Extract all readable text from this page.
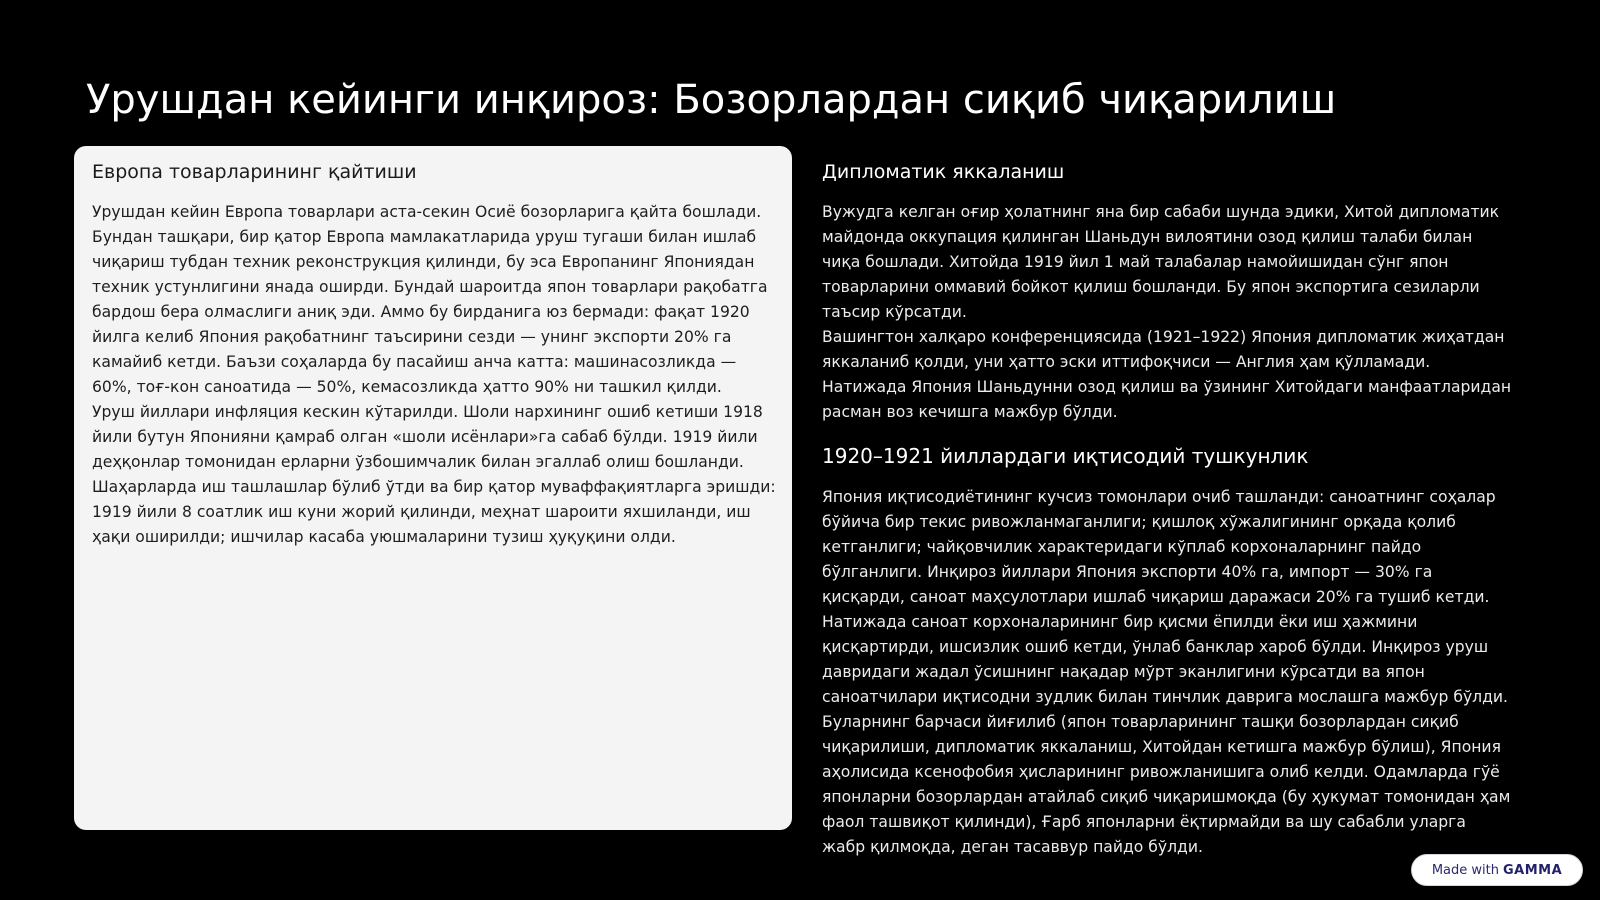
Урушдан кейинги инқироз: Бозорлардан сиқиб чиқарилиш
Европа товарларининг қайтиши

Урушдан кейин Европа товарлари аста-секин Осиё бозорларига қайта бошлади. Бундан ташқари, бир қатор Европа мамлакатларида уруш тугаши билан ишлаб чиқариш тубдан техник реконструкция қилинди, бу эса Европанинг Япониядан техник устунлигини янада оширди. Бундай шароитда япон товарлари рақобатга бардош бера олмаслиги аниқ эди. Аммо бу бирданига юз бермади: фақат 1920 йилга келиб Япония рақобатнинг таъсирини сезди — унинг экспорти 20% га камайиб кетди. Баъзи соҳаларда бу пасайиш анча катта: машинасозликда — 60%, тоғ-кон саноатида — 50%, кемасозликда ҳатто 90% ни ташкил қилди.

Уруш йиллари инфляция кескин кўтарилди. Шоли нархининг ошиб кетиши 1918 йили бутун Японияни қамраб олган «шоли исёнлари»га сабаб бўлди. 1919 йили деҳқонлар томонидан ерларни ўзбошимчалик билан эгаллаб олиш бошланди. Шаҳарларда иш ташлашлар бўлиб ўтди ва бир қатор муваффақиятларга эришди: 1919 йили 8 соатлик иш куни жорий қилинди, меҳнат шароити яхшиланди, иш ҳақи оширилди; ишчилар касаба уюшмаларини тузиш ҳуқуқини олди.

Дипломатик яккаланиш

Вужудга келган оғир ҳолатнинг яна бир сабаби шунда эдики, Хитой дипломатик майдонда оккупация қилинган Шаньдун вилоятини озод қилиш талаби билан чиқа бошлади. Хитойда 1919 йил 1 май талабалар намойишидан сўнг япон товарларини оммавий бойкот қилиш бошланди. Бу япон экспортига сезиларли таъсир кўрсатди.

Вашингтон халқаро конференциясида (1921–1922) Япония дипломатик жиҳатдан яккаланиб қолди, уни ҳатто эски иттифоқчиси — Англия ҳам қўлламади. Натижада Япония Шаньдунни озод қилиш ва ўзининг Хитойдаги манфаатларидан расман воз кечишга мажбур бўлди.

1920–1921 йиллардаги иқтисодий тушкунлик

Япония иқтисодиётининг кучсиз томонлари очиб ташланди: саноатнинг соҳалар бўйича бир текис ривожланмаганлиги; қишлоқ хўжалигининг орқада қолиб кетганлиги; чайқовчилик характеридаги кўплаб корхоналарнинг пайдо бўлганлиги. Инқироз йиллари Япония экспорти 40% га, импорт — 30% га қисқарди, саноат маҳсулотлари ишлаб чиқариш даражаси 20% га тушиб кетди. Натижада саноат корхоналарининг бир қисми ёпилди ёки иш ҳажмини қисқартирди, ишсизлик ошиб кетди, ўнлаб банклар хароб бўлди. Инқироз уруш давридаги жадал ўсишнинг нақадар мўрт эканлигини кўрсатди ва япон саноатчилари иқтисодни зудлик билан тинчлик даврига мослашга мажбур бўлди. Буларнинг барчаси йиғилиб (япон товарларининг ташқи бозорлардан сиқиб чиқарилиши, дипломатик яккаланиш, Хитойдан кетишга мажбур бўлиш), Япония аҳолисида ксенофобия ҳисларининг ривожланишига олиб келди. Одамларда гўё японларни бозорлардан атайлаб сиқиб чиқаришмоқда (бу ҳукумат томонидан ҳам фаол ташвиқот қилинди), Ғарб японларни ёқтирмайди ва шу сабабли уларга жабр қилмоқда, деган тасаввур пайдо бўлди.

Made with GAMMA
